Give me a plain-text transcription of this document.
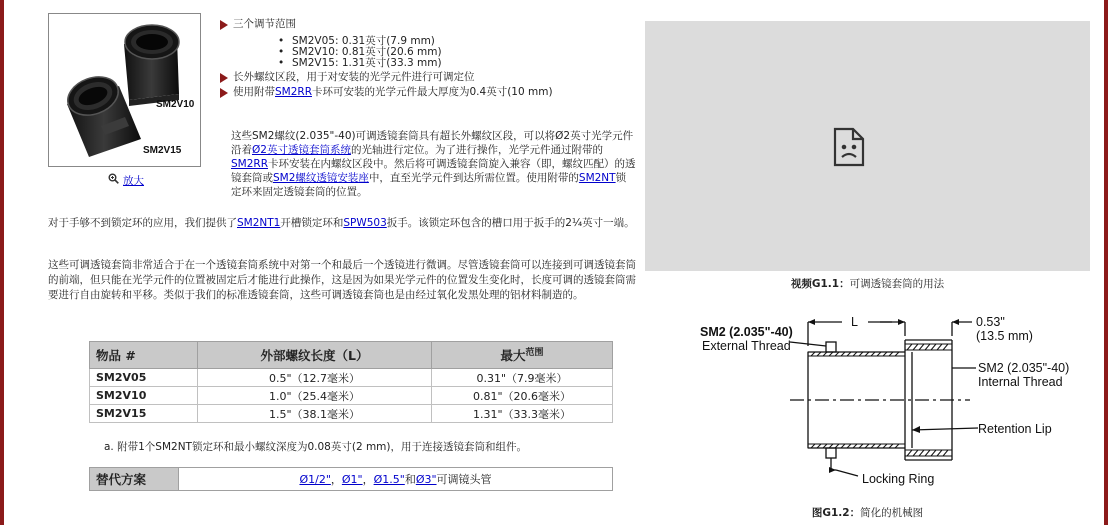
SM2V10
SM2V15
放大
三个调节范围
• SM2V05: 0.31英寸(7.9 mm)
• SM2V10: 0.81英寸(20.6 mm)
• SM2V15: 1.31英寸(33.3 mm)
长外螺纹区段，用于对安装的光学元件进行可调定位
使用附带SM2RR卡环可安装的光学元件最大厚度为0.4英寸(10 mm)
这些SM2螺纹(2.035"-40)可调透镜套筒具有超长外螺纹区段，可以将Ø2英寸光学元件沿着Ø2英寸透镜套筒系统的光轴进行定位。为了进行操作，光学元件通过附带的SM2RR卡环安装在内螺纹区段中。然后将可调透镜套筒旋入兼容（即，螺纹匹配）的透镜套筒或SM2螺纹透镜安装座中，直至光学元件到达所需位置。使用附带的SM2NT锁定环来固定透镜套筒的位置。
对于手够不到锁定环的应用，我们提供了SM2NT1开槽锁定环和SPW503扳手。该锁定环包含的槽口用于扳手的2¼英寸一端。
这些可调透镜套筒非常适合于在一个透镜套筒系统中对第一个和最后一个透镜进行微调。尽管透镜套筒可以连接到可调透镜套筒的前端，但只能在光学元件的位置被固定后才能进行此操作，这是因为如果光学元件的位置发生变化时，长度可调的透镜套筒需要进行自由旋转和平移。类似于我们的标准透镜套筒，这些可调透镜套筒也是由经过氧化发黑处理的铝材料制造的。
物品 #	外部螺纹长度（L）	最大$^{范围}$
SM2V05	0.5"（12.7毫米）	0.31"（7.9毫米）
SM2V10	1.0"（25.4毫米）	0.81"（20.6毫米）
SM2V15	1.5"（38.1毫米）	1.31"（33.3毫米）
a. 附带1个SM2NT锁定环和最小螺纹深度为0.08英寸(2 mm)，用于连接透镜套筒和组件。
替代方案	Ø1/2" ， Ø1" ， Ø1.5" 和 Ø3" 可调镜头管
视频G1.1：可调透镜套筒的用法
SM2 (2.035"-40)
External Thread
L	0.53"
(13.5 mm)
SM2 (2.035"-40)
Internal Thread
Retention Lip
Locking Ring
图G1.2：简化的机械图
